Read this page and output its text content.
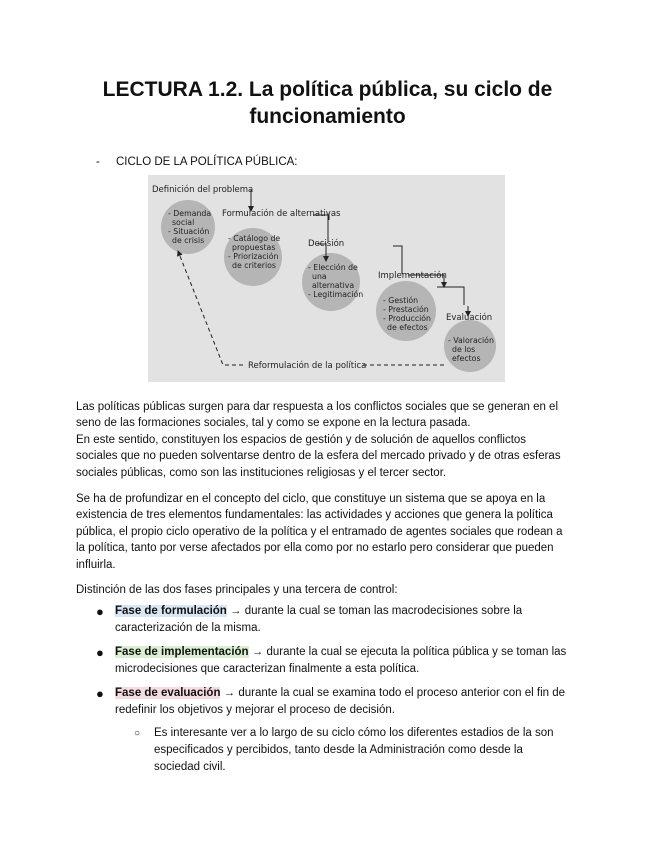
LECTURA 1.2. La política pública, su ciclo de funcionamiento
- CICLO DE LA POLÍTICA PÚBLICA:
Definición del problema
Formulación de alternativas
Decisión
Implementación
Evaluación
Reformulación de la política
- Demanda
social
- Situación
de crisis	- Catálogo de
propuestas
- Priorización
de criterios	- Elección de
una
alternativa
- Legitimación
- Gestión
- Prestación
- Producción
de efectos
- Valoración
de los
efectos
Las políticas públicas surgen para dar respuesta a los conflictos sociales que se generan en el
seno de las formaciones sociales, tal y como se expone en la lectura pasada.
En este sentido, constituyen los espacios de gestión y de solución de aquellos conflictos
sociales que no pueden solventarse dentro de la esfera del mercado privado y de otras esferas
sociales públicas, como son las instituciones religiosas y el tercer sector.
Se ha de profundizar en el concepto del ciclo, que constituye un sistema que se apoya en la
existencia de tres elementos fundamentales: las actividades y acciones que genera la política
pública, el propio ciclo operativo de la política y el entramado de agentes sociales que rodean a
la política, tanto por verse afectados por ella como por no estarlo pero considerar que pueden
influirla.
Distinción de las dos fases principales y una tercera de control:
● Fase de formulación → durante la cual se toman las macrodecisiones sobre la
caracterización de la misma.
● Fase de implementación → durante la cual se ejecuta la política pública y se toman las
microdecisiones que caracterizan finalmente a esta política.
● Fase de evaluación → durante la cual se examina todo el proceso anterior con el fin de
redefinir los objetivos y mejorar el proceso de decisión.
○ Es interesante ver a lo largo de su ciclo cómo los diferentes estadios de la son
especificados y percibidos, tanto desde la Administración como desde la
sociedad civil.
